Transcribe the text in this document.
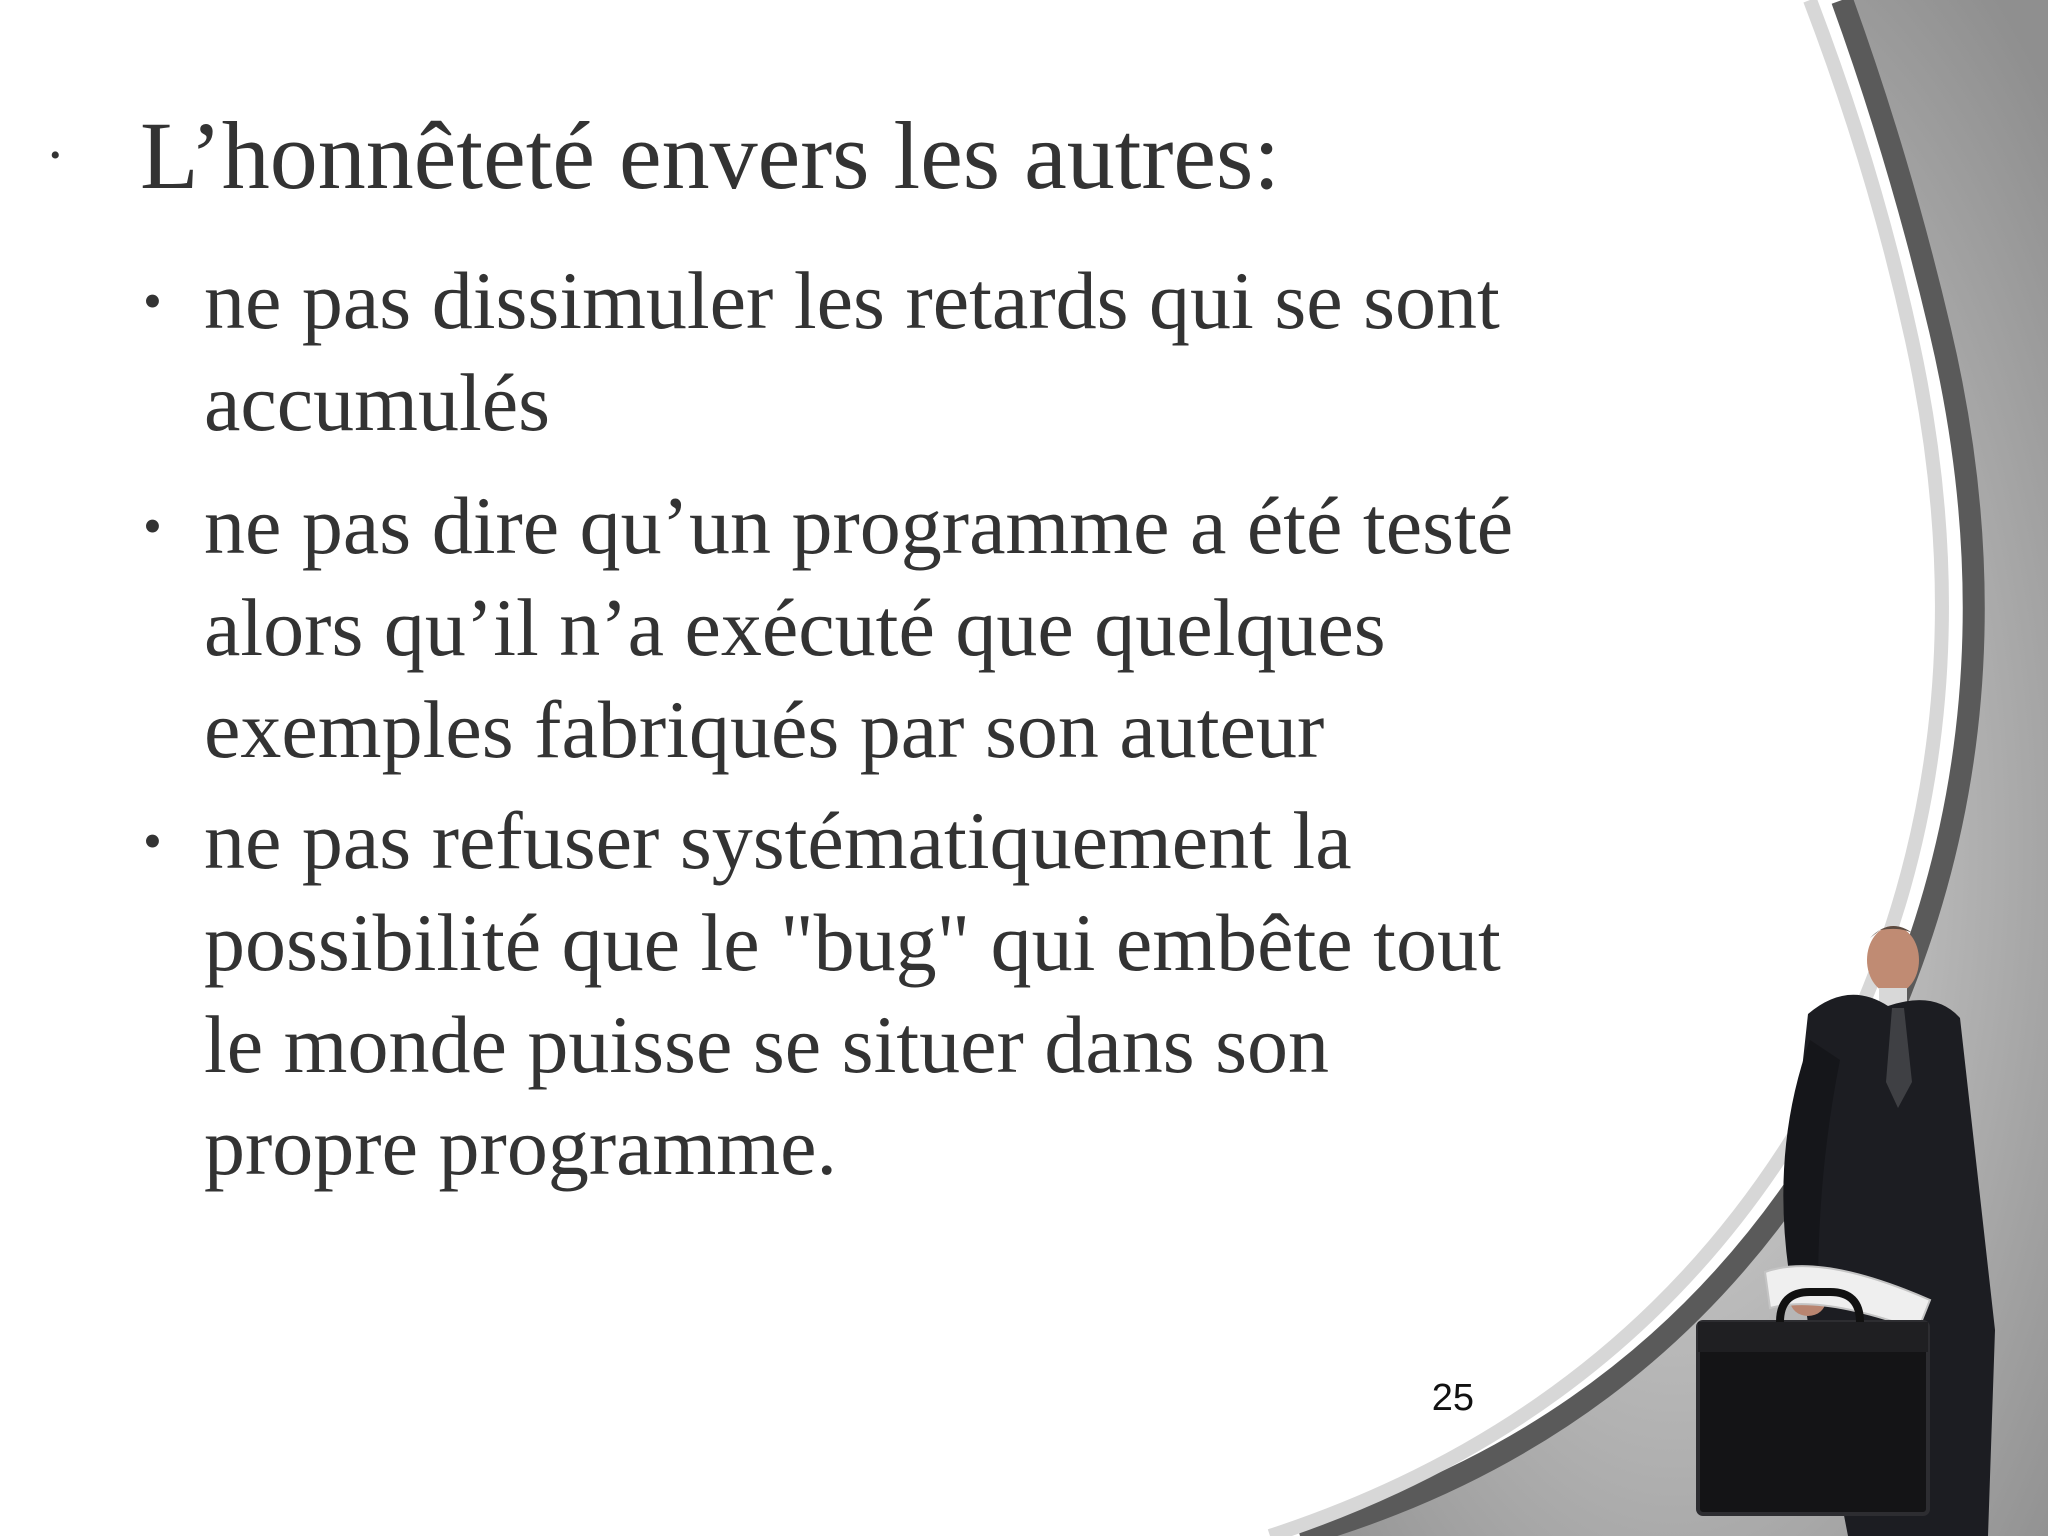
• L’honnêteté envers les autres:
• ne pas dissimuler les retards qui se sont
accumulés
• ne pas dire qu’un programme a été testé
alors qu’il n’a exécuté que quelques
exemples fabriqués par son auteur
• ne pas refuser systématiquement la
possibilité que le "bug" qui embête tout
le monde puisse se situer dans son
propre programme.
25
